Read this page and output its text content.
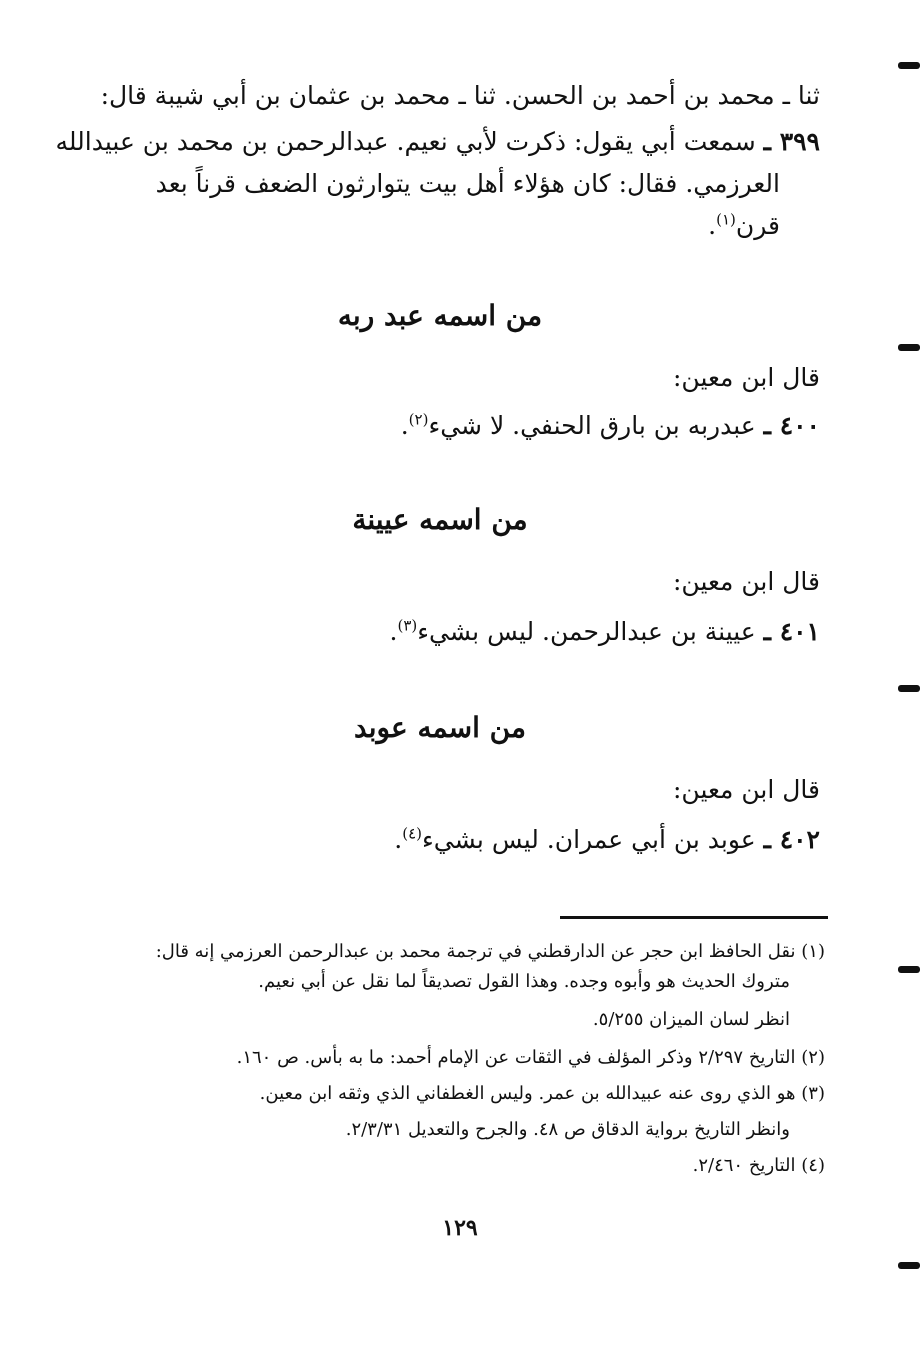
ثنا ـ محمد بن أحمد بن الحسن. ثنا ـ محمد بن عثمان بن أبي شيبة قال:
٣٩٩ ـ سمعت أبي يقول: ذكرت لأبي نعيم. عبدالرحمن بن محمد بن عبيدالله
العرزمي. فقال: كان هؤلاء أهل بيت يتوارثون الضعف قرناً بعد
قرن$^{(١)}$.
من اسمه عبد ربه
قال ابن معين:
٤٠٠ ـ عبدربه بن بارق الحنفي. لا شيء$^{(٢)}$.
من اسمه عيينة
قال ابن معين:
٤٠١ ـ عيينة بن عبدالرحمن. ليس بشيء$^{(٣)}$.
من اسمه عوبد
قال ابن معين:
٤٠٢ ـ عوبد بن أبي عمران. ليس بشيء$^{(٤)}$.
(١) نقل الحافظ ابن حجر عن الدارقطني في ترجمة محمد بن عبدالرحمن العرزمي إنه قال:
متروك الحديث هو وأبوه وجده. وهذا القول تصديقاً لما نقل عن أبي نعيم.
انظر لسان الميزان ٥/٢٥٥.
(٢) التاريخ ٢/٢٩٧ وذكر المؤلف في الثقات عن الإمام أحمد: ما به بأس. ص ١٦٠.
(٣) هو الذي روى عنه عبيدالله بن عمر. وليس الغطفاني الذي وثقه ابن معين.
وانظر التاريخ برواية الدقاق ص ٤٨. والجرح والتعديل ٢/٣/٣١.
(٤) التاريخ ٢/٤٦٠.
١٢٩
